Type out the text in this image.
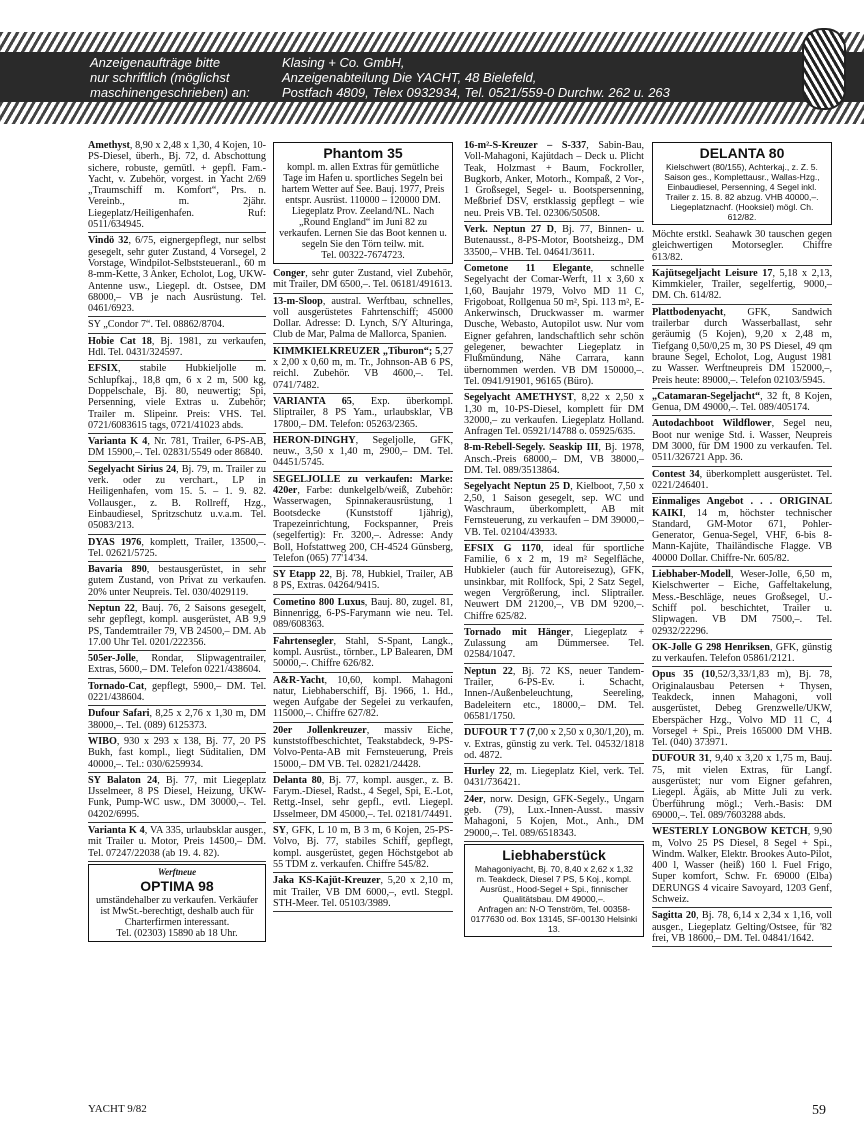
Anzeigenaufträge bitte
nur schriftlich (möglichst
maschinengeschrieben) an:
Klasing + Co. GmbH,
Anzeigenabteilung Die YACHT, 48 Bielefeld,
Postfach 4809, Telex 0932934, Tel. 0521/559-0 Durchw. 262 u. 263
Amethyst, 8,90 x 2,48 x 1,30, 4 Kojen, 10-PS-Diesel, überh., Bj. 72, d. Abschottung sichere, robuste, gemütl. + gepfl. Fam.-Yacht, v. Zubehör, vorgest. in Yacht 2/69 „Traumschiff m. Komfort“, Prs. n. Vereinb., m. 2jähr. Liegeplatz/Heiligenhafen. Ruf: 0511/634945.
Vindö 32, 6/75, eignergepflegt, nur selbst gesegelt, sehr guter Zustand, 4 Vorsegel, 2 Vorstage, Windpilot-Selbststeueranl., 60 m 8-mm-Kette, 3 Anker, Echolot, Log, UKW-Antenne usw., Liegepl. dt. Ostsee, DM 68000,– VB je nach Ausrüstung. Tel. 0461/6923.
SY „Condor 7“. Tel. 08862/8704.
Hobie Cat 18, Bj. 1981, zu verkaufen, Hdl. Tel. 0431/324597.
EFSIX, stabile Hubkieljolle m. Schlupfkaj., 18,8 qm, 6 x 2 m, 500 kg, Doppelschale, Bj. 80, neuwertig; Spi, Persenning, viele Extras u. Zubehör; Trailer m. Slipeinr. Preis: VHS. Tel. 0721/6083615 tags, 0721/41023 abds.
Varianta K 4, Nr. 781, Trailer, 6-PS-AB, DM 15900,–. Tel. 02831/5549 oder 86840.
Segelyacht Sirius 24, Bj. 79, m. Trailer zu verk. oder zu verchart., LP in Heiligenhafen, vom 15. 5. – 1. 9. 82. Vollausger., z. B. Rollreff, Hzg., Einbaudiesel, Spritzschutz u.v.a.m. Tel. 05083/213.
DYAS 1976, komplett, Trailer, 13500,–. Tel. 02621/5725.
Bavaria 890, bestausgerüstet, in sehr gutem Zustand, von Privat zu verkaufen. 20% unter Neupreis. Tel. 030/4029119.
Neptun 22, Bauj. 76, 2 Saisons gesegelt, sehr gepflegt, kompl. ausgerüstet, AB 9,9 PS, Tandemtrailer 79, VB 24500,– DM. Ab 17.00 Uhr Tel. 0201/222356.
505er-Jolle, Rondar, Slipwagentrailer, Extras, 5600,– DM. Telefon 0221/438604.
Tornado-Cat, gepflegt, 5900,– DM. Tel. 0221/438604.
Dufour Safari, 8,25 x 2,76 x 1,30 m, DM 38000,–. Tel. (089) 6125373.
WIBO, 930 x 293 x 138, Bj. 77, 20 PS Bukh, fast kompl., liegt Süditalien, DM 40000,–. Tel.: 030/6259934.
SY Balaton 24, Bj. 77, mit Liegeplatz IJsselmeer, 8 PS Diesel, Heizung, UKW-Funk, Pump-WC usw., DM 30000,–. Tel. 04202/6995.
Varianta K 4, VA 335, urlaubsklar ausger., mit Trailer u. Motor, Preis 14500,– DM. Tel. 07247/22038 (ab 19. 4. 82).
Werftneue
OPTIMA 98
umständehalber zu verkaufen. Verkäufer ist MwSt.-berechtigt, deshalb auch für Charterfirmen interessant.
Tel. (02303) 15890 ab 18 Uhr.
Phantom 35
kompl. m. allen Extras für gemütliche Tage im Hafen u. sportliches Segeln bei hartem Wetter auf See. Bauj. 1977, Preis entspr. Ausrüst. 110000 – 120000 DM. Liegeplatz Prov. Zeeland/NL. Nach „Round England“ im Juni 82 zu verkaufen. Lernen Sie das Boot kennen u. segeln Sie den Törn teilw. mit.
Tel. 00322-7674723.
Conger, sehr guter Zustand, viel Zubehör, mit Trailer, DM 6500,–. Tel. 06181/491613.
13-m-Sloop, austral. Werftbau, schnelles, voll ausgerüstetes Fahrtenschiff; 45000 Dollar. Adresse: D. Lynch, S/Y Alturinga, Club de Mar, Palma de Mallorca, Spanien.
KIMMKIELKREUZER „Tiburon“; 5,27 x 2,00 x 0,60 m, m. Tr., Johnson-AB 6 PS, reichl. Zubehör. VB 4600,–. Tel. 0741/7482.
VARIANTA 65, Exp. überkompl. Sliptrailer, 8 PS Yam., urlaubsklar, VB 17800,– DM. Telefon: 05263/2365.
HERON-DINGHY, Segeljolle, GFK, neuw., 3,50 x 1,40 m, 2900,– DM. Tel. 04451/5745.
SEGELJOLLE zu verkaufen: Marke: 420er, Farbe: dunkelgelb/weiß, Zubehör: Wasserwagen, Spinnakerausrüstung, 1 Bootsdecke (Kunststoff 1jährig), Trapezeinrichtung, Fockspanner, Preis (segelfertig): Fr. 3200,–. Adresse: Andy Boll, Hofstattweg 200, CH-4524 Günsberg, Telefon (065) 77'14'34.
SY Etapp 22, Bj. 78, Hubkiel, Trailer, AB 8 PS, Extras. 04264/9415.
Cometino 800 Luxus, Bauj. 80, zugel. 81, Binnenrigg, 6-PS-Farymann wie neu. Tel. 089/608363.
Fahrtensegler, Stahl, S-Spant, Langk., kompl. Ausrüst., törnber., LP Balearen, DM 50000,–. Chiffre 626/82.
A&R-Yacht, 10,60, kompl. Mahagoni natur, Liebhaberschiff, Bj. 1966, 1. Hd., wegen Aufgabe der Segelei zu verkaufen, 115000,–. Chiffre 627/82.
20er Jollenkreuzer, massiv Eiche, kunststoffbeschichtet, Teakstabdeck, 9-PS-Volvo-Penta-AB mit Fernsteuerung, Preis 15000,– DM VB. Tel. 02821/24428.
Delanta 80, Bj. 77, kompl. ausger., z. B. Farym.-Diesel, Radst., 4 Segel, Spi, E.-Lot, Rettg.-Insel, sehr gepfl., evtl. Liegepl. IJsselmeer, DM 45000,–. Tel. 02181/74491.
SY, GFK, L 10 m, B 3 m, 6 Kojen, 25-PS-Volvo, Bj. 77, stabiles Schiff, gepflegt, kompl. ausgerüstet, gegen Höchstgebot ab 55 TDM z. verkaufen. Chiffre 545/82.
Jaka KS-Kajüt-Kreuzer, 5,20 x 2,10 m, mit Trailer, VB DM 6000,–, evtl. Stegpl. STH-Meer. Tel. 05103/3989.
16-m²-S-Kreuzer – S-337, Sabin-Bau, Voll-Mahagoni, Kajütdach – Deck u. Plicht Teak, Holzmast + Baum, Fockroller, Bugkorb, Anker, Motorh., Kompaß, 2 Vor-, 1 Großsegel, Segel- u. Bootspersenning, Meßbrief DSV, erstklassig gepflegt – wie neu. Preis VB. Tel. 02306/50508.
Verk. Neptun 27 D, Bj. 77, Binnen- u. Butenausst., 8-PS-Motor, Bootsheizg., DM 33500,– VHB. Tel. 04641/3611.
Cometone 11 Elegante, schnelle Segelyacht der Comar-Werft, 11 x 3,60 x 1,60, Baujahr 1979, Volvo MD 11 C, Frigoboat, Rollgenua 50 m², Spi. 113 m², E-Ankerwinsch, Druckwasser m. warmer Dusche, Webasto, Autopilot usw. Nur vom Eigner gefahren, landschaftlich sehr schön gelegener, bewachter Liegeplatz in Flußmündung, Nähe Carrara, kann übernommen werden. VB DM 150000,–. Tel. 0941/91901, 96165 (Büro).
Segelyacht AMETHYST, 8,22 x 2,50 x 1,30 m, 10-PS-Diesel, komplett für DM 32000,– zu verkaufen. Liegeplatz Holland. Anfragen Tel. 05921/14788 o. 05925/635.
8-m-Rebell-Segely. Seaskip III, Bj. 1978, Ansch.-Preis 68000,– DM, VB 38000,– DM. Tel. 089/3513864.
Segelyacht Neptun 25 D, Kielboot, 7,50 x 2,50, 1 Saison gesegelt, sep. WC und Waschraum, überkomplett, AB mit Fernsteuerung, zu verkaufen – DM 39000,– VB. Tel. 02104/43933.
EFSIX G 1170, ideal für sportliche Familie, 6 x 2 m, 19 m² Segelfläche, Hubkieler (auch für Autoreisezug), GFK, unsinkbar, mit Rollfock, Spi, 2 Satz Segel, wegen Vergrößerung, incl. Sliptrailer. Neuwert DM 21200,–, VB DM 9200,–. Chiffre 625/82.
Tornado mit Hänger, Liegeplatz + Zulassung am Dümmersee. Tel. 02584/1047.
Neptun 22, Bj. 72 KS, neuer Tandem-Trailer, 6-PS-Ev. i. Schacht, Innen-/Außenbeleuchtung, Seereling, Badeleitern etc., 18000,– DM. Tel. 06581/1750.
DUFOUR T 7 (7,00 x 2,50 x 0,30/1,20), m. v. Extras, günstig zu verk. Tel. 04532/1818 od. 4872.
Hurley 22, m. Liegeplatz Kiel, verk. Tel. 0431/736421.
24er, norw. Design, GFK-Segely., Ungarn geb. (79), Lux.-Innen-Ausst. massiv Mahagoni, 5 Kojen, Mot., Anh., DM 29000,–. Tel. 089/6518343.
Liebhaberstück
Mahagoniyacht, Bj. 70, 8,40 x 2,62 x 1,32 m. Teakdeck, Diesel 7 PS, 5 Koj., kompl. Ausrüst., Hood-Segel + Spi., finnischer Qualitätsbau. DM 49000,–.
Anfragen an: N-O Tenström, Tel. 00358-0177630 od. Box 13145, SF-00130 Helsinki 13.
DELANTA 80
Kielschwert (80/155), Achterkaj., z. Z. 5. Saison ges., Komplettausr., Wallas-Hzg., Einbaudiesel, Persenning, 4 Segel inkl. Trailer z. 15. 8. 82 abzug. VHB 40000,–. Liegeplatznachf. (Hooksiel) mögl. Ch. 612/82.
Möchte erstkl. Seahawk 30 tauschen gegen gleichwertigen Motorsegler. Chiffre 613/82.
Kajütsegeljacht Leisure 17, 5,18 x 2,13, Kimmkieler, Trailer, segelfertig, 9000,– DM. Ch. 614/82.
Plattbodenyacht, GFK, Sandwich trailerbar durch Wasserballast, sehr geräumig (5 Kojen), 9,20 x 2,48 m, Tiefgang 0,50/0,25 m, 30 PS Diesel, 49 qm braune Segel, Echolot, Log, August 1981 zu Wasser. Werftneupreis DM 152000,–, Preis heute: 89000,–. Telefon 02103/5945.
„Catamaran-Segeljacht“, 32 ft, 8 Kojen, Genua, DM 49000,–. Tel. 089/405174.
Autodachboot Wildflower, Segel neu, Boot nur wenige Std. i. Wasser, Neupreis DM 3000, für DM 1900 zu verkaufen. Tel. 0511/326721 App. 36.
Contest 34, überkomplett ausgerüstet. Tel. 0221/246401.
Einmaliges Angebot . . . ORIGINAL KAIKI, 14 m, höchster technischer Standard, GM-Motor 671, Pohler-Generator, Genua-Segel, VHF, 6-bis 8-Mann-Kajüte, Thailändische Flagge. VB 40000 Dollar. Chiffre-Nr. 605/82.
Liebhaber-Modell, Weser-Jolle, 6,50 m, Kielschwerter – Eiche, Gaffeltakelung, Mess.-Beschläge, neues Großsegel, U.-Schiff pol. beschichtet, Trailer u. Slipwagen. VB DM 7500,–. Tel. 02932/22296.
OK-Jolle G 298 Henriksen, GFK, günstig zu verkaufen. Telefon 05861/2121.
Opus 35 (10,52/3,33/1,83 m), Bj. 78, Originalausbau Petersen + Thysen, Teakdeck, innen Mahagoni, voll ausgerüstet, Debeg Grenzwelle/UKW, Eberspächer Hzg., Volvo MD 11 C, 4 Vorsegel + Spi., Preis 165000 DM VHB. Tel. (040) 373971.
DUFOUR 31, 9,40 x 3,20 x 1,75 m, Bauj. 75, mit vielen Extras, für Langf. ausgerüstet; nur vom Eigner gefahren, Liegepl. Ägäis, ab Mitte Juli zu verk. Überführung mögl.; Verh.-Basis: DM 69000,–. Tel. 089/7603288 abds.
WESTERLY LONGBOW KETCH, 9,90 m, Volvo 25 PS Diesel, 8 Segel + Spi., Windm. Walker, Elektr. Brookes Auto-Pilot, 400 l, Wasser (heiß) 160 l. Fuel Frigo, Super komfort, Schw. Fr. 69000 (Elba) DERUNGS 4 vicaire Savoyard, 1203 Genf, Schweiz.
Sagitta 20, Bj. 78, 6,14 x 2,34 x 1,16, voll ausger., Liegeplatz Gelting/Ostsee, für '82 frei, VB 18600,– DM. Tel. 04841/1642.
YACHT 9/82	59
